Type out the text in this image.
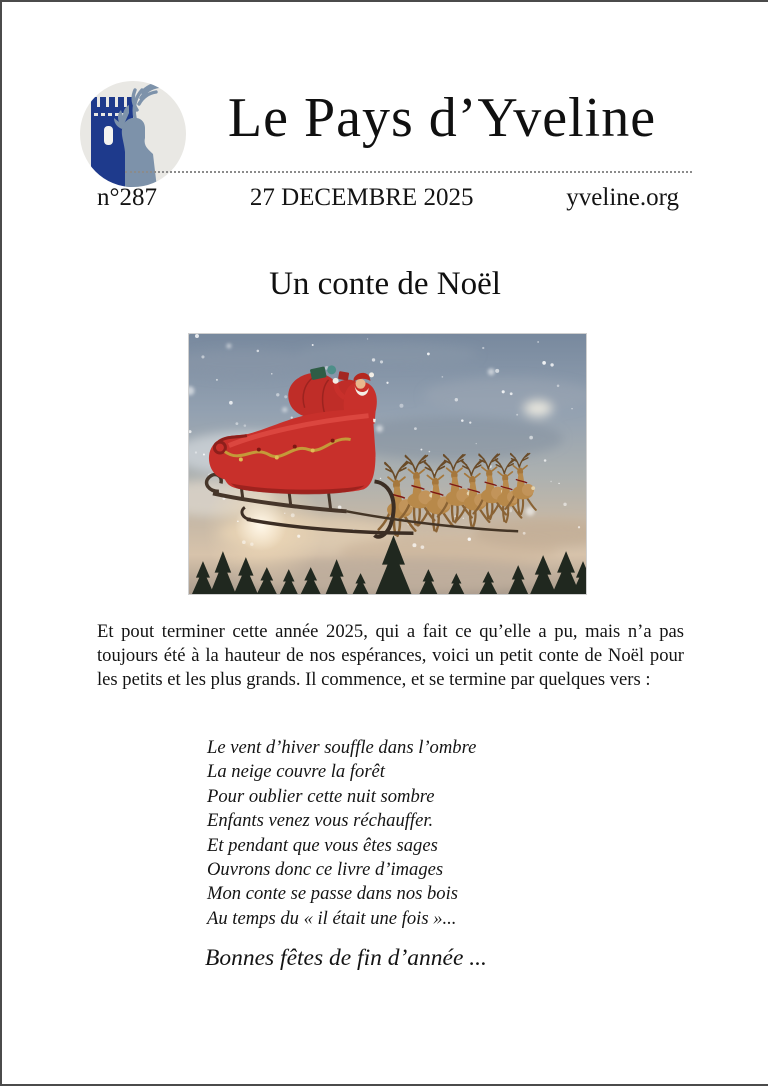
Le Pays d’Yveline
n°287	27 DECEMBRE 2025	yveline.org
Un conte de Noël

Et pout terminer cette année 2025, qui a fait ce qu’elle a pu, mais n’a pas toujours été à la hauteur de nos espérances, voici un petit conte de Noël pour les petits et les plus grands. Il commence, et se termine par quelques vers :

Le vent d’hiver souffle dans l’ombre
La neige couvre la forêt
Pour oublier cette nuit sombre
Enfants venez vous réchauffer.
Et pendant que vous êtes sages
Ouvrons donc ce livre d’images
Mon conte se passe dans nos bois
Au temps du « il était une fois »...

Bonnes fêtes de fin d’année ...
